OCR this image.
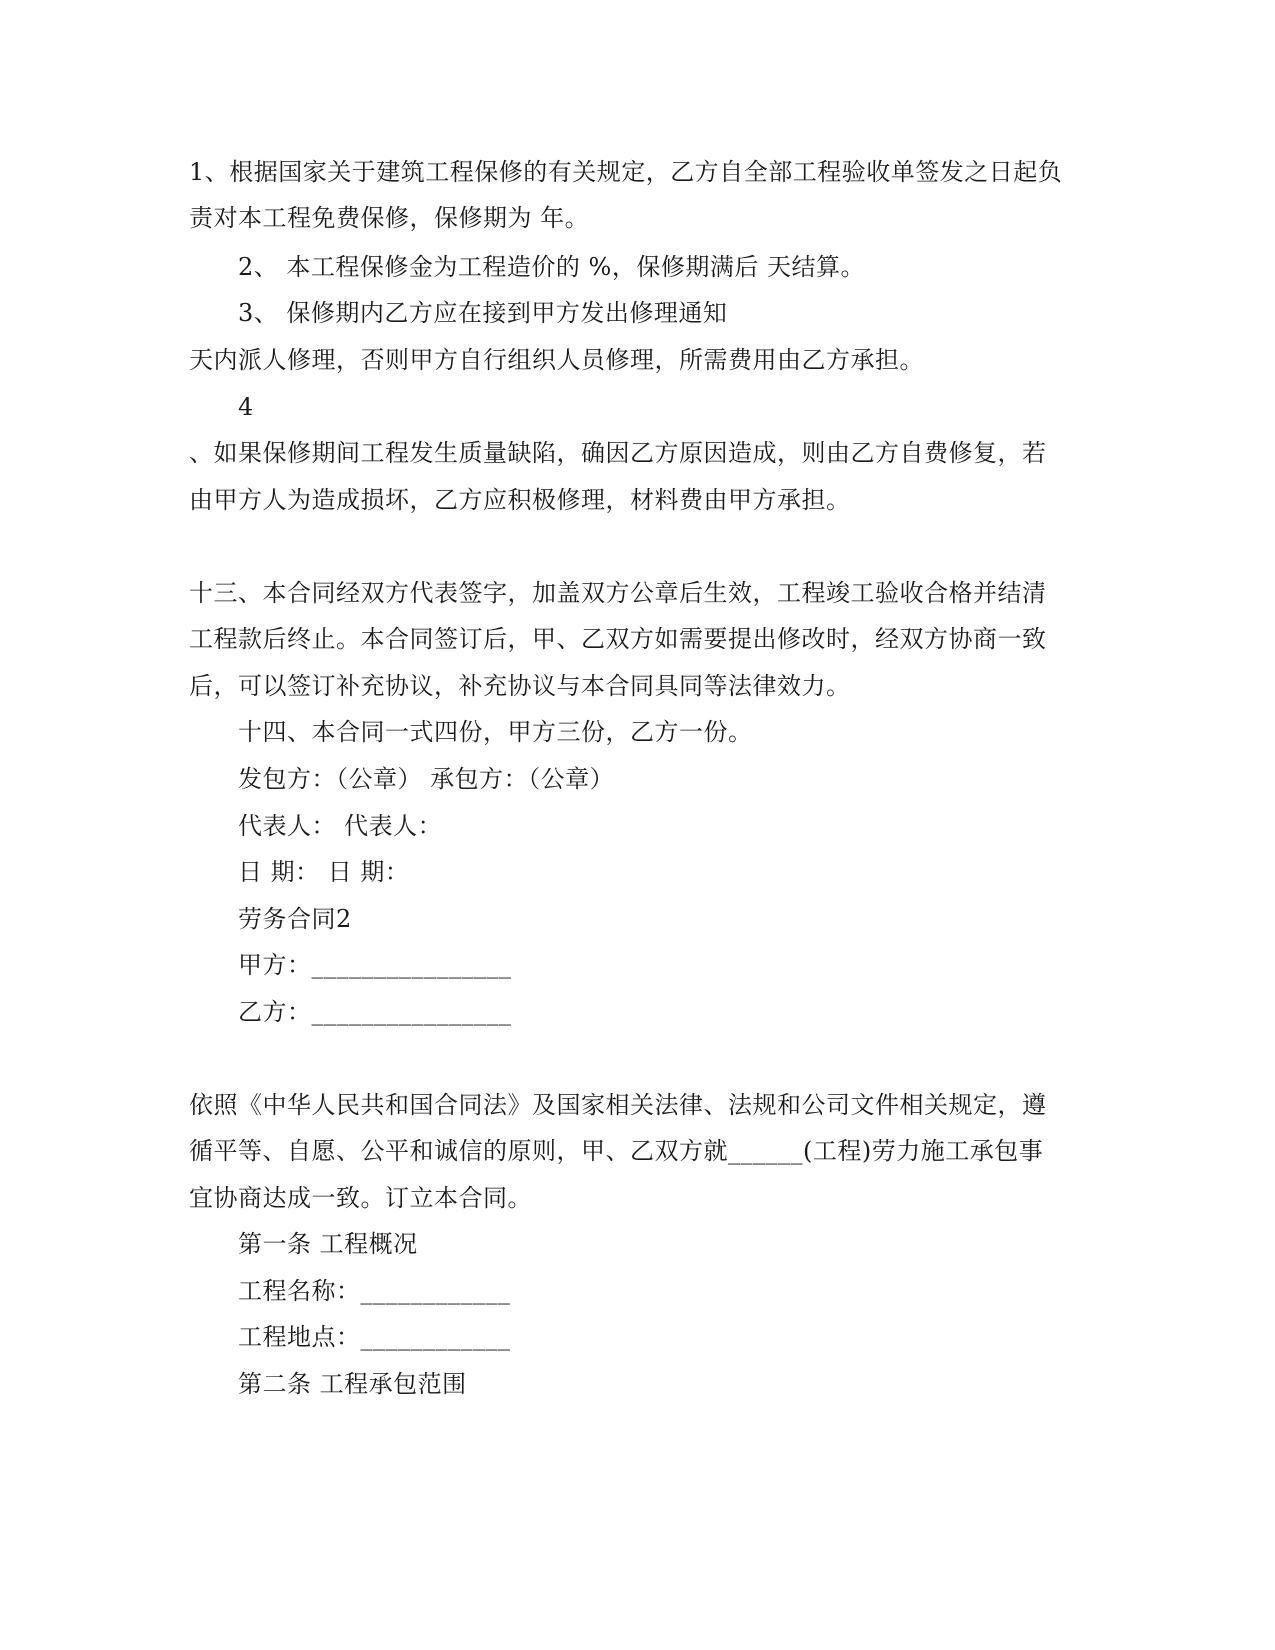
1、根据国家关于建筑工程保修的有关规定，乙方自全部工程验收单签发之日起负
责对本工程免费保修，保修期为 年。
2、 本工程保修金为工程造价的 %，保修期满后 天结算。
3、 保修期内乙方应在接到甲方发出修理通知
天内派人修理，否则甲方自行组织人员修理，所需费用由乙方承担。
4
、如果保修期间工程发生质量缺陷，确因乙方原因造成，则由乙方自费修复，若
由甲方人为造成损坏，乙方应积极修理，材料费由甲方承担。
十三、本合同经双方代表签字，加盖双方公章后生效，工程竣工验收合格并结清
工程款后终止。本合同签订后，甲、乙双方如需要提出修改时，经双方协商一致
后，可以签订补充协议，补充协议与本合同具同等法律效力。
十四、本合同一式四份，甲方三份，乙方一份。
发包方：（公章） 承包方：（公章）
代表人： 代表人：
日 期： 日 期：
劳务合同2
甲方：________________
乙方：________________
依照《中华人民共和国合同法》及国家相关法律、法规和公司文件相关规定，遵
循平等、自愿、公平和诚信的原则，甲、乙双方就______(工程)劳力施工承包事
宜协商达成一致。订立本合同。
第一条 工程概况
工程名称：____________
工程地点：____________
第二条 工程承包范围
